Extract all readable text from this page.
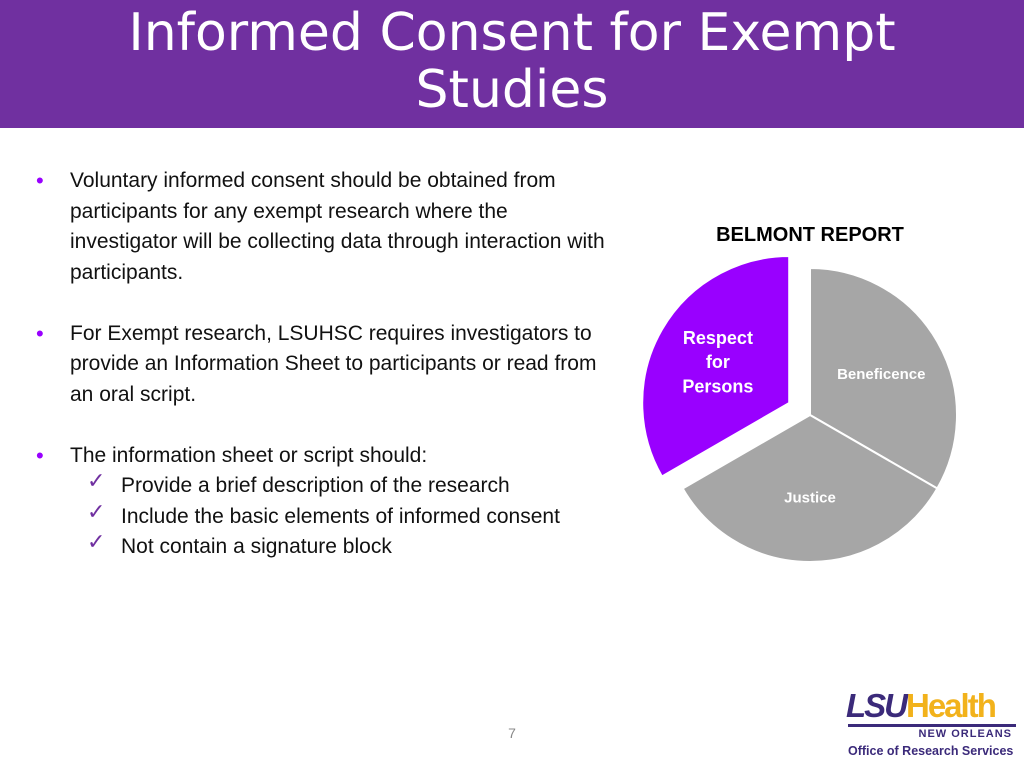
Informed Consent for Exempt Studies
• Voluntary informed consent should be obtained from participants for any exempt research where the investigator will be collecting data through interaction with participants.
• For Exempt research, LSUHSC requires investigators to provide an Information Sheet to participants or read from an oral script.
• The information sheet or script should:
✓ Provide a brief description of the research
✓ Include the basic elements of informed consent
✓ Not contain a signature block
BELMONT REPORT
Beneficence
Justice
Respect for Persons
7
LSUHealth
NEW ORLEANS
Office of Research Services
